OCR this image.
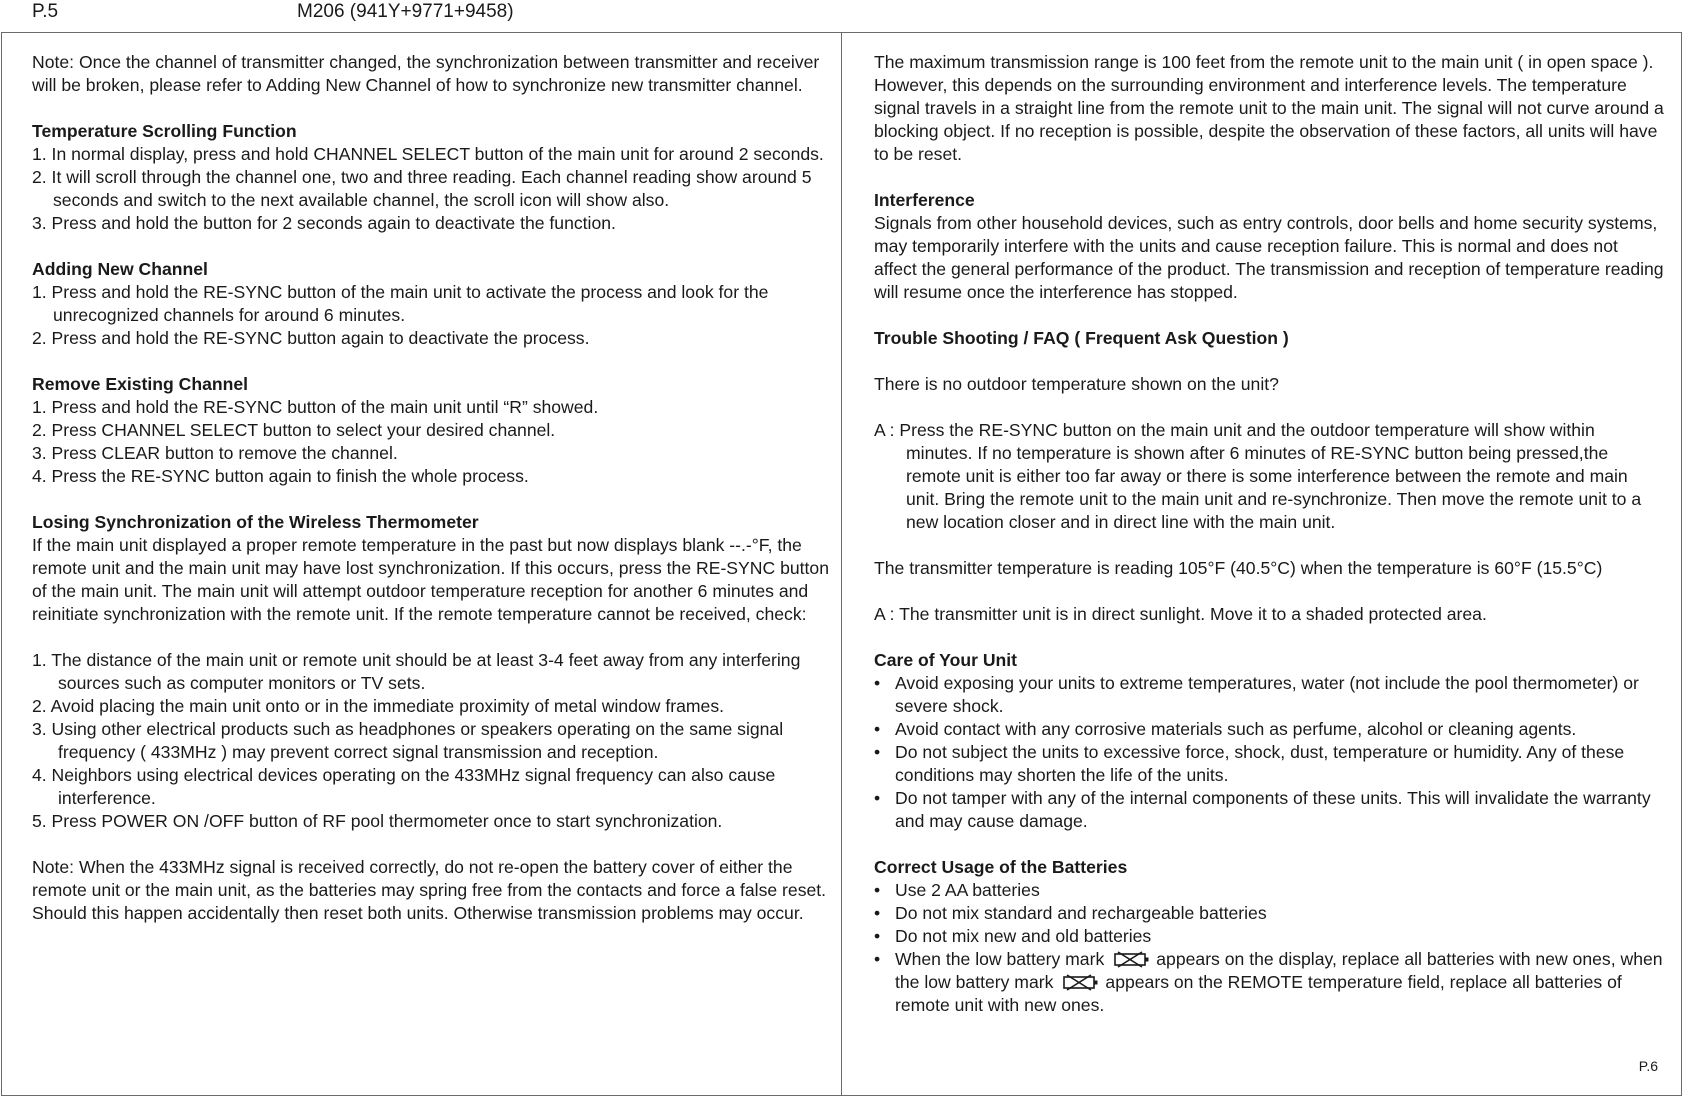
P.5	M206 (941Y+9771+9458)

Note: Once the channel of transmitter changed, the synchronization between transmitter and receiver will be broken, please refer to Adding New Channel of how to synchronize new transmitter channel.

Temperature Scrolling Function

1. In normal display, press and hold CHANNEL SELECT button of the main unit for around 2 seconds.
2. It will scroll through the channel one, two and three reading. Each channel reading show around 5 seconds and switch to the next available channel, the scroll icon will show also.
3. Press and hold the button for 2 seconds again to deactivate the function.

Adding New Channel

1. Press and hold the RE-SYNC button of the main unit to activate the process and look for the unrecognized channels for around 6 minutes.
2. Press and hold the RE-SYNC button again to deactivate the process.

Remove Existing Channel

1. Press and hold the RE-SYNC button of the main unit until “R” showed.
2. Press CHANNEL SELECT button to select your desired channel.
3. Press CLEAR button to remove the channel.
4. Press the RE-SYNC button again to finish the whole process.

Losing Synchronization of the Wireless Thermometer

If the main unit displayed a proper remote temperature in the past but now displays blank --.-°F, the remote unit and the main unit may have lost synchronization. If this occurs, press the RE-SYNC button of the main unit. The main unit will attempt outdoor temperature reception for another 6 minutes and reinitiate synchronization with the remote unit. If the remote temperature cannot be received, check:

1. The distance of the main unit or remote unit should be at least 3-4 feet away from any interfering sources such as computer monitors or TV sets.
2. Avoid placing the main unit onto or in the immediate proximity of metal window frames.
3. Using other electrical products such as headphones or speakers operating on the same signal frequency ( 433MHz ) may prevent correct signal transmission and reception.
4. Neighbors using electrical devices operating on the 433MHz signal frequency can also cause interference.
5. Press POWER ON /OFF button of RF pool thermometer once to start synchronization.

Note: When the 433MHz signal is received correctly, do not re-open the battery cover of either the remote unit or the main unit, as the batteries may spring free from the contacts and force a false reset. Should this happen accidentally then reset both units. Otherwise transmission problems may occur.

The maximum transmission range is 100 feet from the remote unit to the main unit ( in open space ). However, this depends on the surrounding environment and interference levels. The temperature signal travels in a straight line from the remote unit to the main unit. The signal will not curve around a blocking object. If no reception is possible, despite the observation of these factors, all units will have to be reset.

Interference

Signals from other household devices, such as entry controls, door bells and home security systems, may temporarily interfere with the units and cause reception failure. This is normal and does not affect the general performance of the product. The transmission and reception of temperature reading will resume once the interference has stopped.

Trouble Shooting / FAQ ( Frequent Ask Question )

There is no outdoor temperature shown on the unit?

A : Press the RE-SYNC button on the main unit and the outdoor temperature will show within minutes. If no temperature is shown after 6 minutes of RE-SYNC button being pressed,the remote unit is either too far away or there is some interference between the remote and main unit. Bring the remote unit to the main unit and re-synchronize. Then move the remote unit to a new location closer and in direct line with the main unit.

The transmitter temperature is reading 105°F (40.5°C) when the temperature is 60°F (15.5°C)

A : The transmitter unit is in direct sunlight. Move it to a shaded protected area.

Care of Your Unit

• Avoid exposing your units to extreme temperatures, water (not include the pool thermometer) or severe shock.
• Avoid contact with any corrosive materials such as perfume, alcohol or cleaning agents.
• Do not subject the units to excessive force, shock, dust, temperature or humidity. Any of these conditions may shorten the life of the units.
• Do not tamper with any of the internal components of these units. This will invalidate the warranty and may cause damage.

Correct Usage of the Batteries

• Use 2 AA batteries
• Do not mix standard and rechargeable batteries
• Do not mix new and old batteries
• When the low battery mark	appears on the display, replace all batteries with new ones, when the low battery mark	appears on the REMOTE temperature field, replace all batteries of remote unit with new ones.
P.6
